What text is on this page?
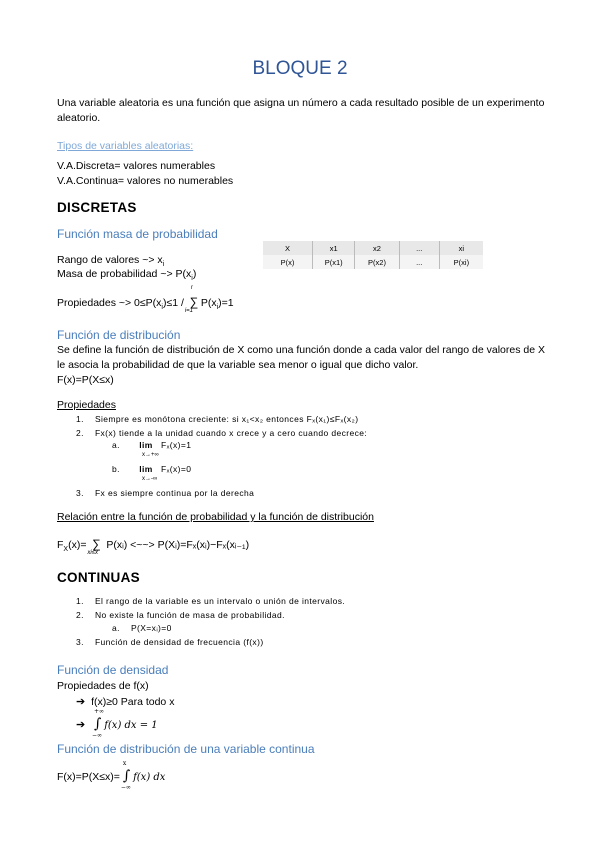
BLOQUE 2
Una variable aleatoria es una función que asigna un número a cada resultado posible de un experimento aleatorio.
Tipos de variables aleatorias:
V.A.Discreta= valores numerables
V.A.Continua= valores no numerables
DISCRETAS
Función masa de probabilidad
X	x1	x2	...	xi
P(x)	P(x1)	P(x2)	...	P(xi)
Rango de valores ~> $x_i$
Masa de probabilidad ~> $P(x_i)$
Propiedades ~> $0\le P(x_i)\le 1$ / ∑
r
i=1
$P(x_i)=1$
Función de distribución
Se define la función de distribución de X como una función donde a cada valor del rango de valores de X le asocia la probabilidad de que la variable sea menor o igual que dicho valor.
F(x)=P(X≤x)
Propiedades
1.    Siempre es monótona creciente: si x₁<x₂ entonces Fₓ(x₁)≤Fₓ(x₂)
2.    Fx(x) tiende a la unidad cuando x crece y a cero cuando decrece:
a.       lim Fₓ(x)=1
x→+∞
b.       lim Fₓ(x)=0
x→-∞
3.    Fx es siempre continua por la derecha
Relación entre la función de probabilidad y la función de distribución
$F_X(x)=$ ∑
xi≤x
P(xᵢ) <~~> P(Xᵢ)=Fₓ(xᵢ)−Fₓ(xᵢ₋₁)
CONTINUAS
1.    El rango de la variable es un intervalo o unión de intervalos.
2.    No existe la función de masa de probabilidad.
a.    P(X=xᵢ)=0
3.    Función de densidad de frecuencia (f(x))
Función de densidad
Propiedades de f(x)
➔ f(x)≥0 Para todo x
➔ ∫
+∞
−∞
f(x) dx = 1
Función de distribución de una variable continua
F(x)=P(X≤x)= ∫
x
−∞
f(x) dx
